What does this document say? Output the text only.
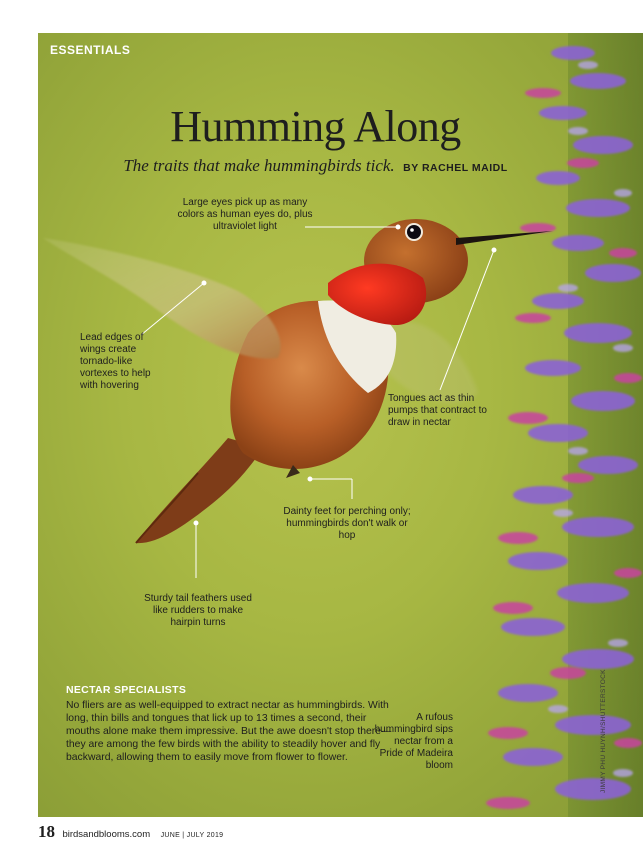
ESSENTIALS
Humming Along
The traits that make hummingbirds tick. BY RACHEL MAIDL
Large eyes pick up as many colors as human eyes do, plus ultraviolet light
Lead edges of wings create tornado-like vortexes to help with hovering
Tongues act as thin pumps that contract to draw in nectar
Dainty feet for perching only; hummingbirds don't walk or hop
Sturdy tail feathers used like rudders to make hairpin turns
NECTAR SPECIALISTS
No fliers are as well-equipped to extract nectar as hummingbirds. With long, thin bills and tongues that lick up to 13 times a second, their mouths alone make them impressive. But the awe doesn't stop there—they are among the few birds with the ability to steadily hover and fly backward, allowing them to easily move from flower to flower.
A rufous hummingbird sips nectar from a Pride of Madeira bloom	JIMMY PHU HUYNH/SHUTTERSTOCK
18 birdsandblooms.com JUNE | JULY 2019
